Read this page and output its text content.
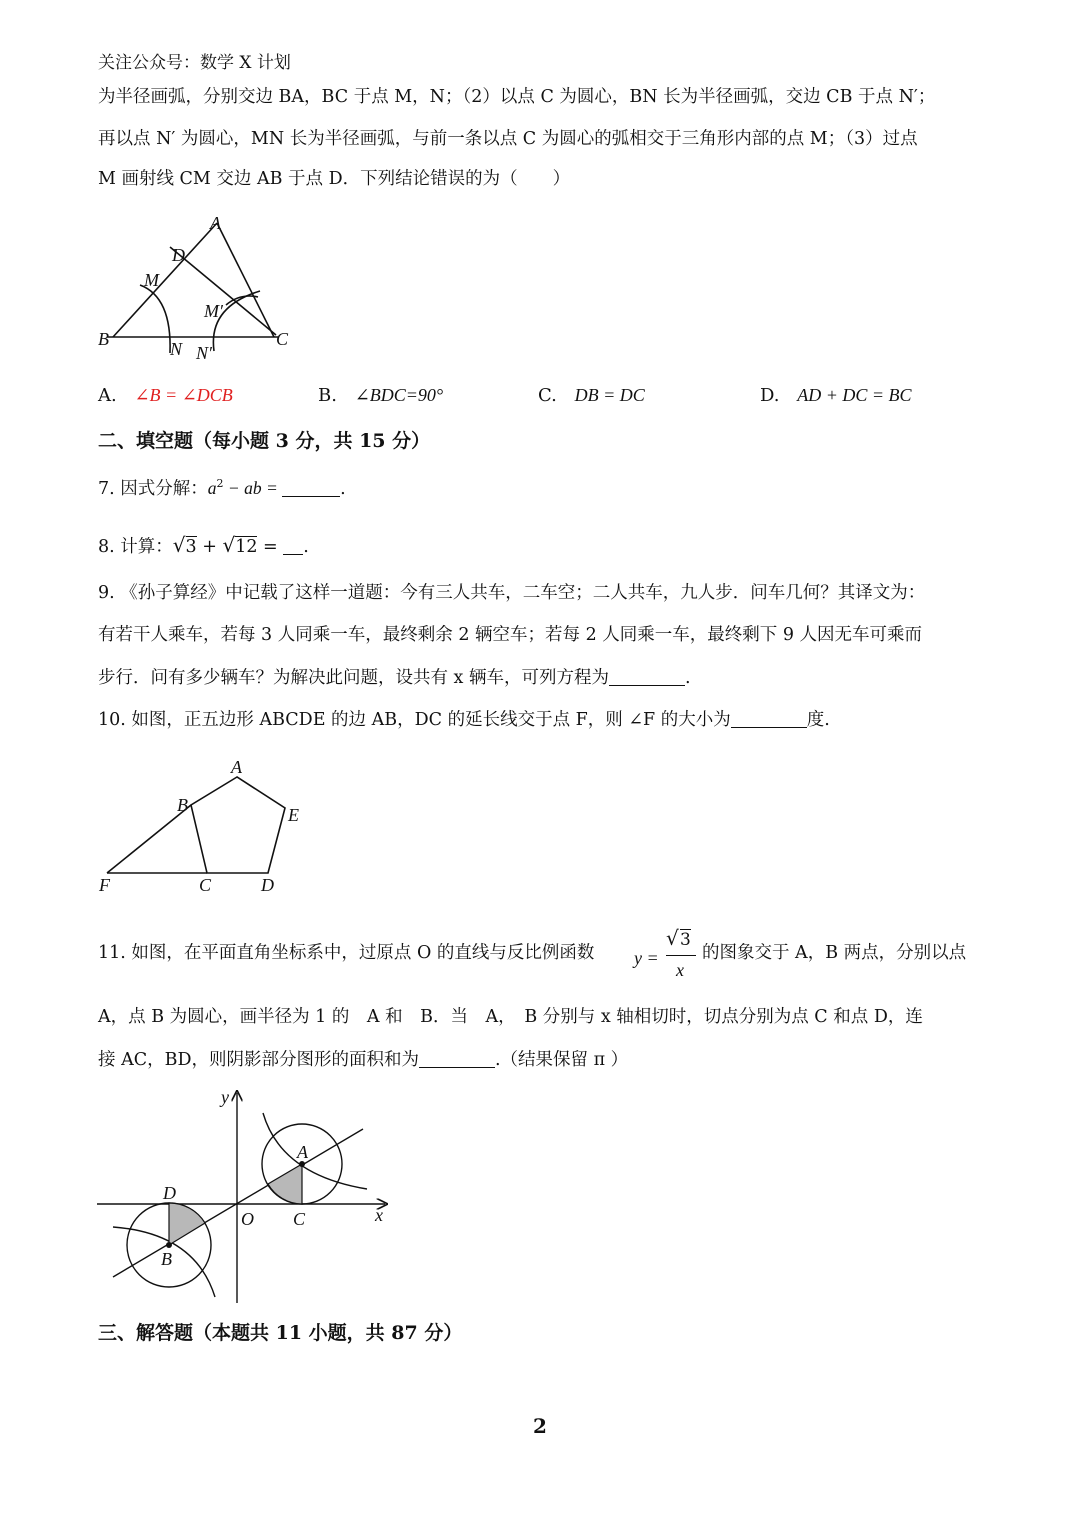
关注公众号：数学 X 计划
为半径画弧，分别交边 BA，BC 于点 M，N；（2）以点 C 为圆心，BN 长为半径画弧，交边 CB 于点 N′；
再以点 N′ 为圆心，MN 长为半径画弧，与前一条以点 C 为圆心的弧相交于三角形内部的点 M；（3）过点
M 画射线 CM 交边 AB 于点 D．下列结论错误的为（　　）
A
B	C
D
M
M′
N N′
A. ∠B = ∠DCB	B. ∠BDC=90°	C. DB = DC	D. AD + DC = BC
二、填空题（每小题 3 分，共 15 分）
7. 因式分解：$a^2$ − ab =	.
8. 计算：√3 + √12 = .
9. 《孙子算经》中记载了这样一道题：今有三人共车，二车空；二人共车，九人步．问车几何？其译文为：
有若干人乘车，若每 3 人同乘一车，最终剩余 2 辆空车；若每 2 人同乘一车，最终剩下 9 人因无车可乘而
步行．问有多少辆车？为解决此问题，设共有 x 辆车，可列方程为	.
10. 如图，正五边形 ABCDE 的边 AB，DC 的延长线交于点 F，则 ∠F 的大小为	度.
A
B
C	D
E
F
11. 如图，在平面直角坐标系中，过原点 O 的直线与反比例函数 y =
√ 3
x
的图象交于 A，B 两点，分别以点
A，点 B 为圆心，画半径为 1 的　A 和　B．当　A，　B 分别与 x 轴相切时，切点分别为点 C 和点 D，连
接 AC，BD，则阴影部分图形的面积和为	.（结果保留 π ）
y
x
O
A
B
C
D
三、解答题（本题共 11 小题，共 87 分）
2
